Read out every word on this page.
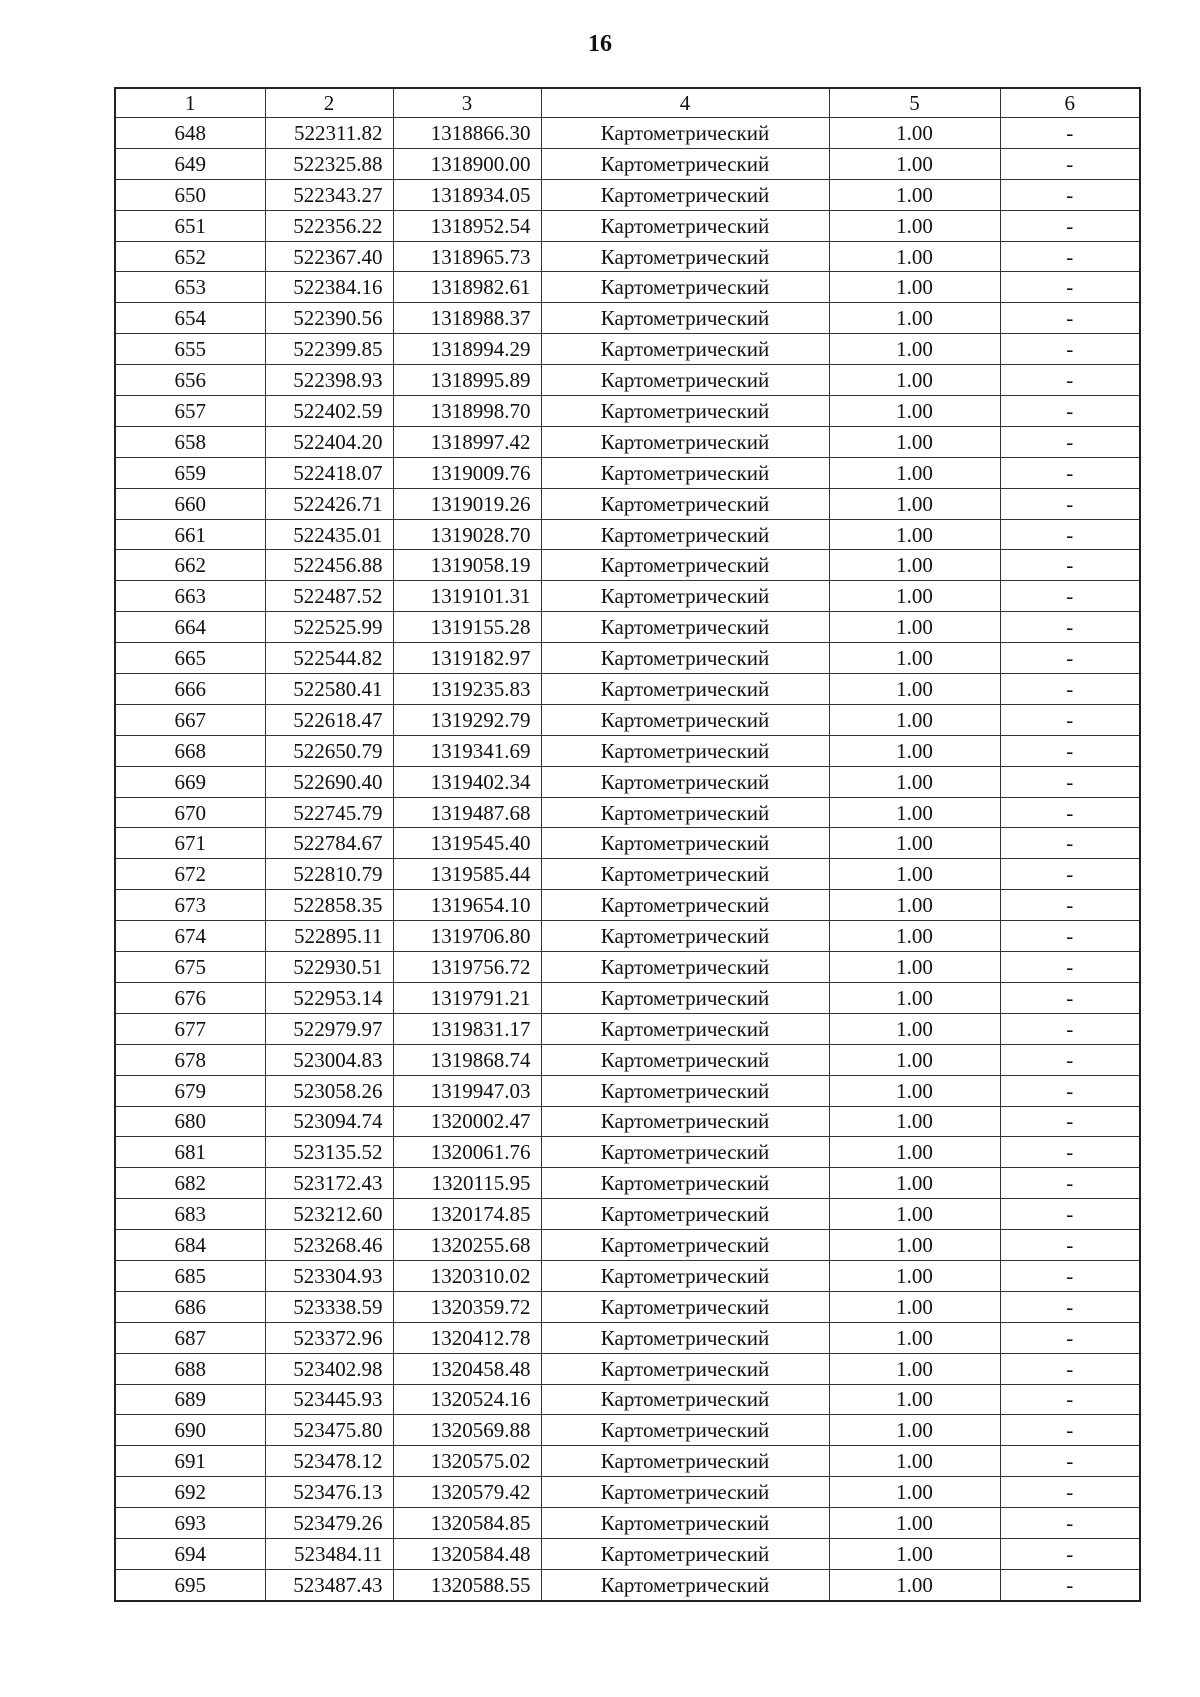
16
1	2	3	4	5	6
648	522311.82	1318866.30	Картометрический	1.00	-
649	522325.88	1318900.00	Картометрический	1.00	-
650	522343.27	1318934.05	Картометрический	1.00	-
651	522356.22	1318952.54	Картометрический	1.00	-
652	522367.40	1318965.73	Картометрический	1.00	-
653	522384.16	1318982.61	Картометрический	1.00	-
654	522390.56	1318988.37	Картометрический	1.00	-
655	522399.85	1318994.29	Картометрический	1.00	-
656	522398.93	1318995.89	Картометрический	1.00	-
657	522402.59	1318998.70	Картометрический	1.00	-
658	522404.20	1318997.42	Картометрический	1.00	-
659	522418.07	1319009.76	Картометрический	1.00	-
660	522426.71	1319019.26	Картометрический	1.00	-
661	522435.01	1319028.70	Картометрический	1.00	-
662	522456.88	1319058.19	Картометрический	1.00	-
663	522487.52	1319101.31	Картометрический	1.00	-
664	522525.99	1319155.28	Картометрический	1.00	-
665	522544.82	1319182.97	Картометрический	1.00	-
666	522580.41	1319235.83	Картометрический	1.00	-
667	522618.47	1319292.79	Картометрический	1.00	-
668	522650.79	1319341.69	Картометрический	1.00	-
669	522690.40	1319402.34	Картометрический	1.00	-
670	522745.79	1319487.68	Картометрический	1.00	-
671	522784.67	1319545.40	Картометрический	1.00	-
672	522810.79	1319585.44	Картометрический	1.00	-
673	522858.35	1319654.10	Картометрический	1.00	-
674	522895.11	1319706.80	Картометрический	1.00	-
675	522930.51	1319756.72	Картометрический	1.00	-
676	522953.14	1319791.21	Картометрический	1.00	-
677	522979.97	1319831.17	Картометрический	1.00	-
678	523004.83	1319868.74	Картометрический	1.00	-
679	523058.26	1319947.03	Картометрический	1.00	-
680	523094.74	1320002.47	Картометрический	1.00	-
681	523135.52	1320061.76	Картометрический	1.00	-
682	523172.43	1320115.95	Картометрический	1.00	-
683	523212.60	1320174.85	Картометрический	1.00	-
684	523268.46	1320255.68	Картометрический	1.00	-
685	523304.93	1320310.02	Картометрический	1.00	-
686	523338.59	1320359.72	Картометрический	1.00	-
687	523372.96	1320412.78	Картометрический	1.00	-
688	523402.98	1320458.48	Картометрический	1.00	-
689	523445.93	1320524.16	Картометрический	1.00	-
690	523475.80	1320569.88	Картометрический	1.00	-
691	523478.12	1320575.02	Картометрический	1.00	-
692	523476.13	1320579.42	Картометрический	1.00	-
693	523479.26	1320584.85	Картометрический	1.00	-
694	523484.11	1320584.48	Картометрический	1.00	-
695	523487.43	1320588.55	Картометрический	1.00	-
